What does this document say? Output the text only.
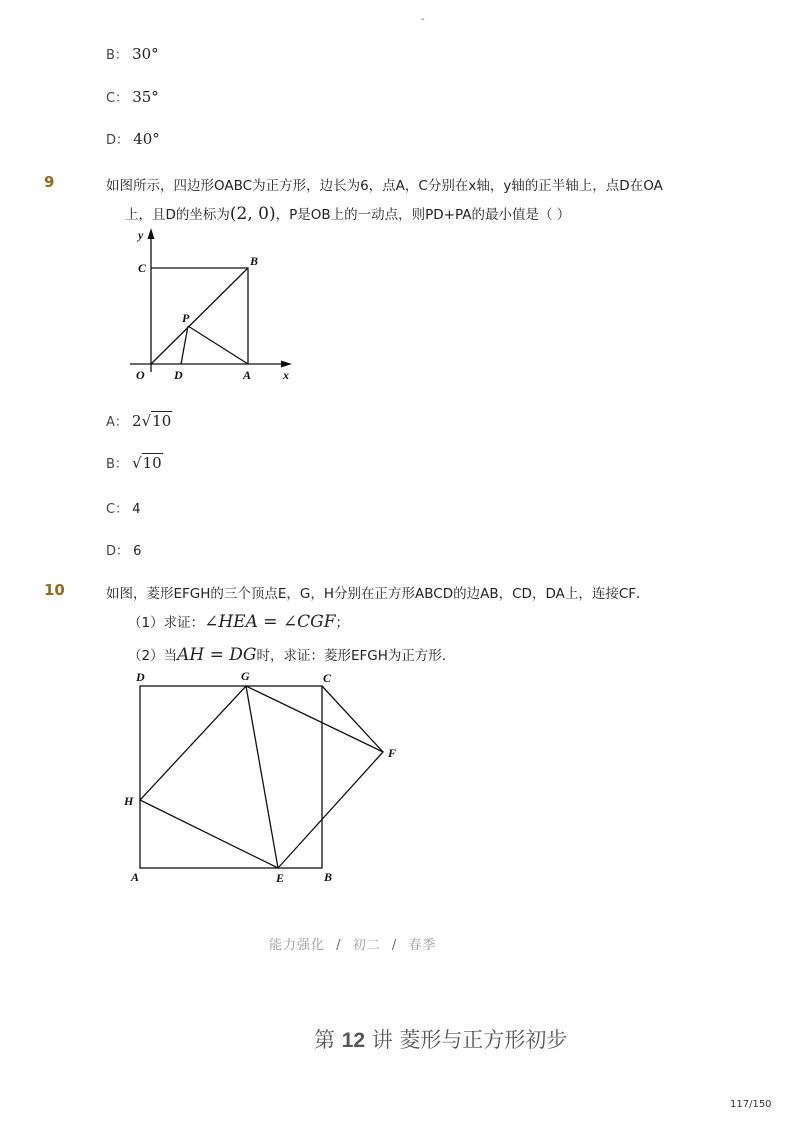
-
B： 30°
C： 35°
D： 40°
9	如图所示，四边形OABC为正方形，边长为6，点A，C分别在x轴，y轴的正半轴上，点D在OA
上，且D的坐标为(2, 0)，P是OB上的一动点，则PD+PA的最小值是（ ）
y
C	B
P
O D	A	x
A： 2√10
B： √10
C： 4
D： 6
10	如图，菱形EFGH的三个顶点E，G，H分别在正方形ABCD的边AB，CD，DA上，连接CF．
（1）求证：∠HEA = ∠CGF；
（2）当AH = DG时，求证：菱形EFGH为正方形．
D	G	C
F
H
A	E	B
能力强化 / 初二 / 春季
第 12 讲 菱形与正方形初步
117/150
